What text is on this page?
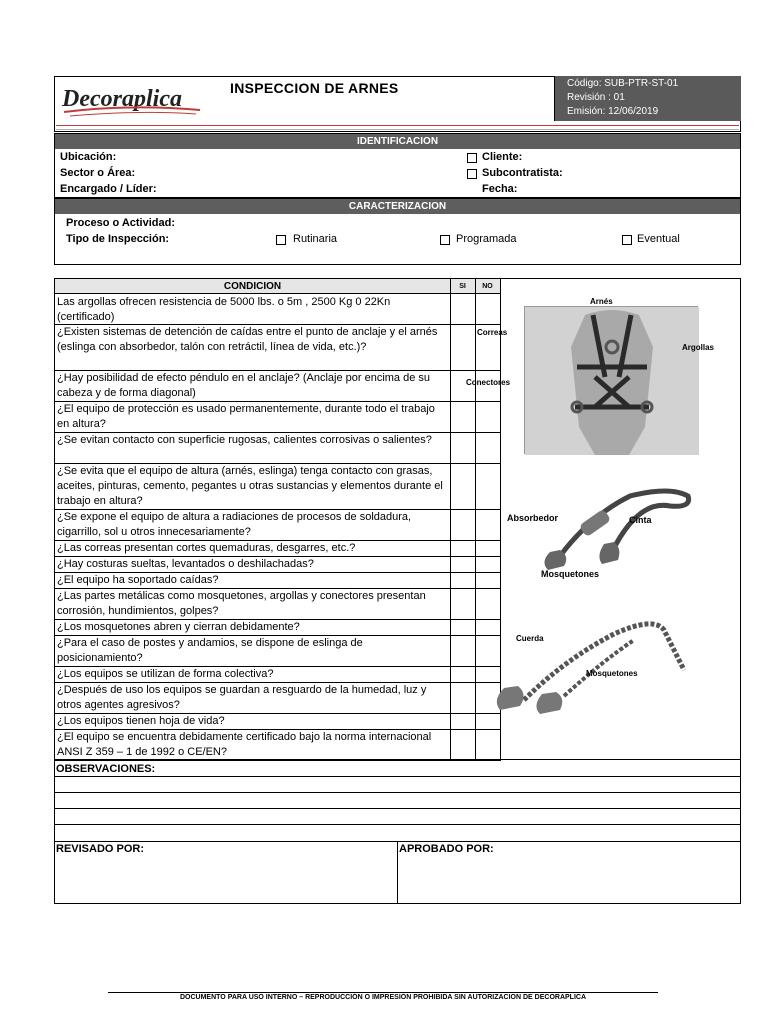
Decoraplica	INSPECCION DE ARNES	Código: SUB-PTR-ST-01
Revisión : 01
Emisión: 12/06/2019
IDENTIFICACION
Ubicación:
Sector o Área:
Encargado / Líder:
Cliente:
Subcontratista:
Fecha:
CARACTERIZACION
Proceso o Actividad:
Tipo de Inspección:	Rutinaria	Programada	Eventual
CONDICION	SI	NO
Las argollas ofrecen resistencia de 5000 lbs. o 5m , 2500 Kg 0 22Kn (certificado)
¿Existen sistemas de detención de caídas entre el punto de anclaje y el arnés (eslinga con absorbedor, talón con retráctil, línea de vida, etc.)?
¿Hay posibilidad de efecto péndulo en el anclaje? (Anclaje por encima de su cabeza y de forma diagonal)
¿El equipo de protección es usado permanentemente, durante todo el trabajo en altura?
¿Se evitan contacto con superficie rugosas, calientes corrosivas o salientes?
¿Se evita que el equipo de altura (arnés, eslinga) tenga contacto con grasas, aceites, pinturas, cemento, pegantes u otras sustancias y elementos durante el trabajo en altura?
¿Se expone el equipo de altura a radiaciones de procesos de soldadura, cigarrillo, sol u otros innecesariamente?
¿Las correas presentan cortes quemaduras, desgarres, etc.?
¿Hay costuras sueltas, levantados o deshilachadas?
¿El equipo ha soportado caídas?
¿Las partes metálicas como mosquetones, argollas y conectores presentan corrosión, hundimientos, golpes?
¿Los mosquetones abren y cierran debidamente?
¿Para el caso de postes y andamios, se dispone de eslinga de posicionamiento?
¿Los equipos se utilizan de forma colectiva?
¿Después de uso los equipos se guardan a resguardo de la humedad, luz y otros agentes agresivos?
¿Los equipos tienen hoja de vida?
¿El equipo se encuentra debidamente certificado bajo la norma internacional ANSI Z 359 – 1 de 1992 o CE/EN?
Arnés
Correas
Argollas
Conectores
Absorbedor	Cinta
Mosquetones
Cuerda
Mosquetones
OBSERVACIONES:
REVISADO POR:	APROBADO POR:
DOCUMENTO PARA USO INTERNO – REPRODUCCIÓN O IMPRESIÓN PROHIBIDA SIN AUTORIZACION DE DECORAPLICA
